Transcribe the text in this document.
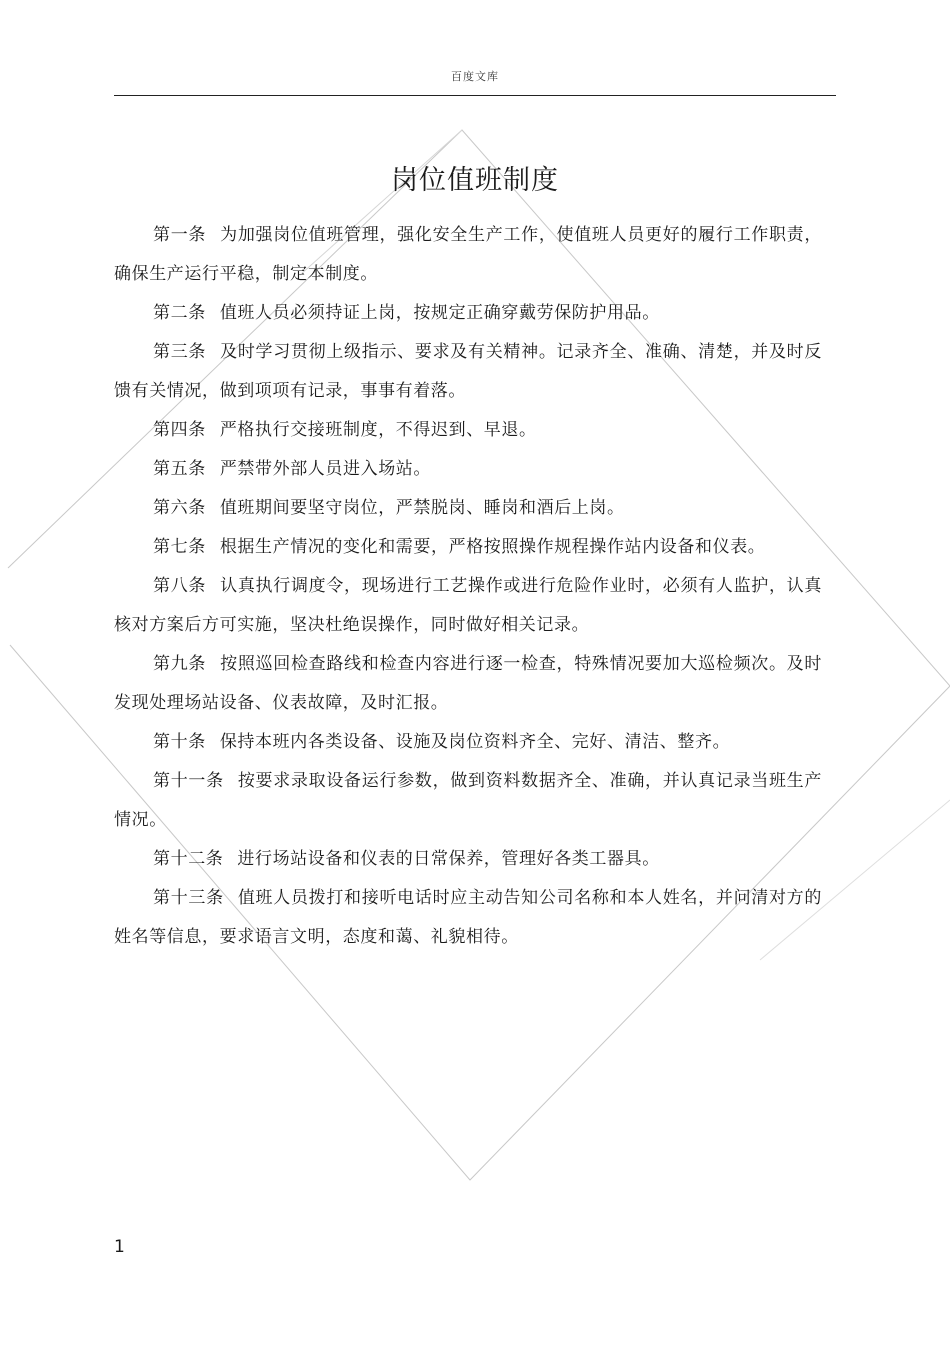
百度文库
岗位值班制度

第一条 为加强岗位值班管理，强化安全生产工作，使值班人员更好的履行工作职责，确保生产运行平稳，制定本制度。

第二条 值班人员必须持证上岗，按规定正确穿戴劳保防护用品。

第三条 及时学习贯彻上级指示、要求及有关精神。记录齐全、准确、清楚，并及时反馈有关情况，做到项项有记录，事事有着落。

第四条 严格执行交接班制度，不得迟到、早退。

第五条 严禁带外部人员进入场站。

第六条 值班期间要坚守岗位，严禁脱岗、睡岗和酒后上岗。

第七条 根据生产情况的变化和需要，严格按照操作规程操作站内设备和仪表。

第八条 认真执行调度令，现场进行工艺操作或进行危险作业时，必须有人监护，认真核对方案后方可实施，坚决杜绝误操作，同时做好相关记录。

第九条 按照巡回检查路线和检查内容进行逐一检查，特殊情况要加大巡检频次。及时发现处理场站设备、仪表故障，及时汇报。

第十条 保持本班内各类设备、设施及岗位资料齐全、完好、清洁、整齐。

第十一条 按要求录取设备运行参数，做到资料数据齐全、准确，并认真记录当班生产情况。

第十二条 进行场站设备和仪表的日常保养，管理好各类工器具。

第十三条 值班人员拨打和接听电话时应主动告知公司名称和本人姓名，并问清对方的姓名等信息，要求语言文明，态度和蔼、礼貌相待。

1
